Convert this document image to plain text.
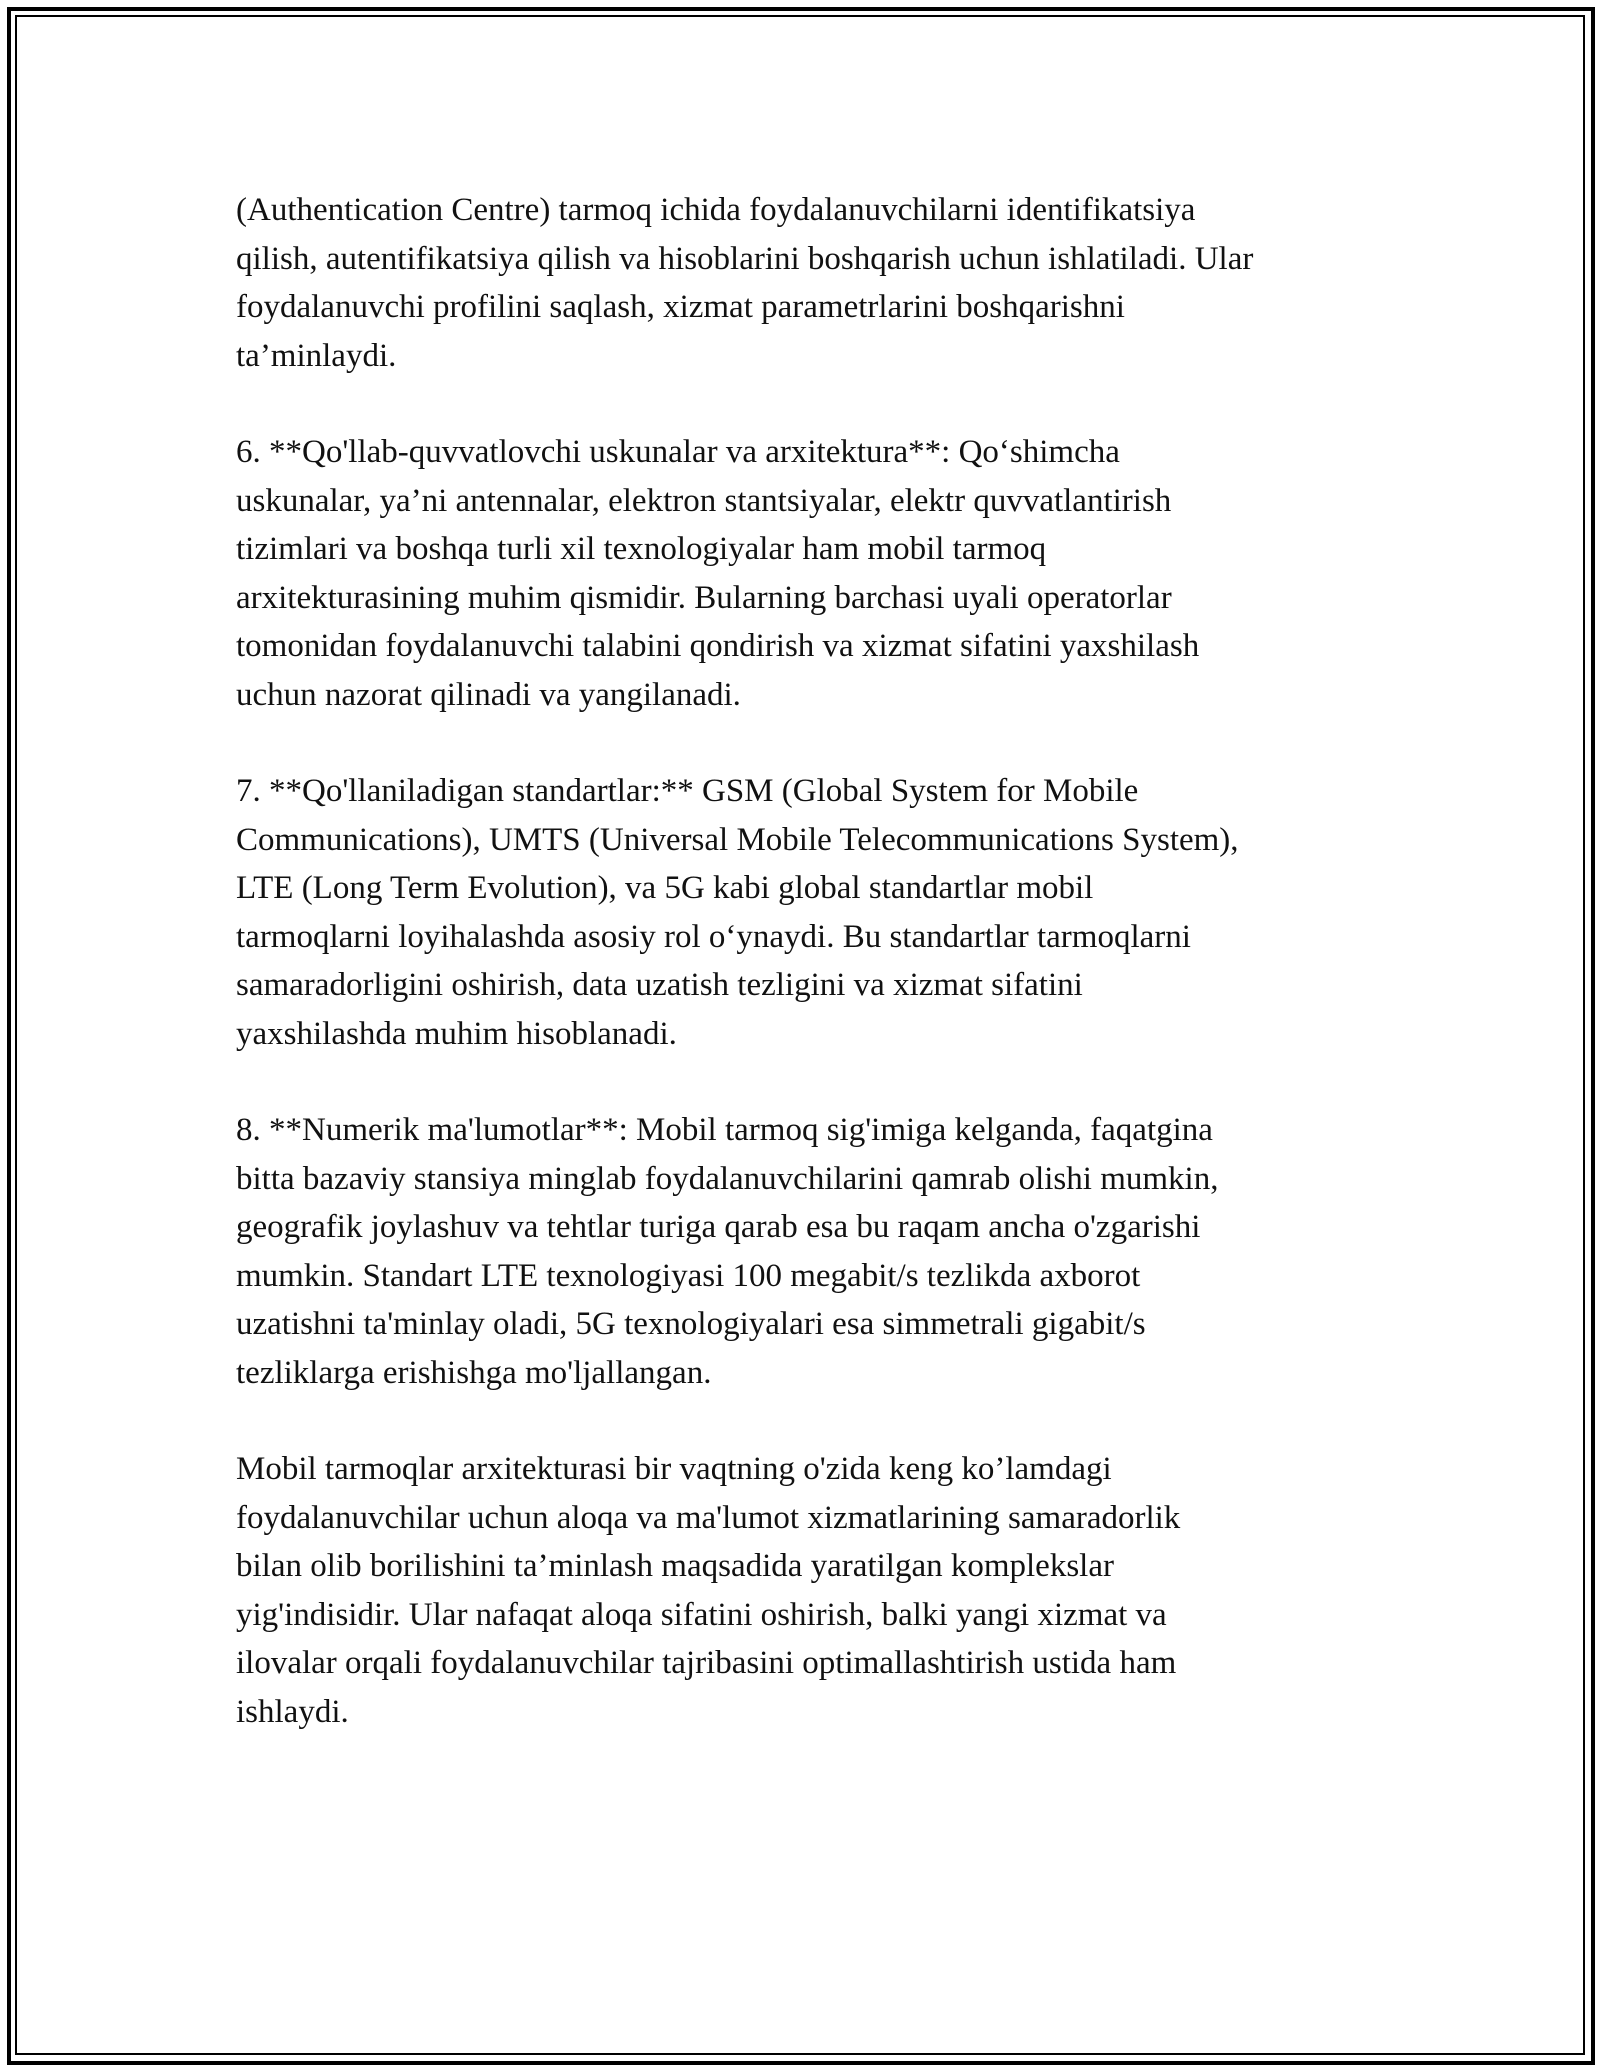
(Authentication Centre) tarmoq ichida foydalanuvchilarni identifikatsiya
qilish, autentifikatsiya qilish va hisoblarini boshqarish uchun ishlatiladi. Ular
foydalanuvchi profilini saqlash, xizmat parametrlarini boshqarishni
ta’minlaydi.

6. **Qo'llab-quvvatlovchi uskunalar va arxitektura**: Qo‘shimcha
uskunalar, ya’ni antennalar, elektron stantsiyalar, elektr quvvatlantirish
tizimlari va boshqa turli xil texnologiyalar ham mobil tarmoq
arxitekturasining muhim qismidir. Bularning barchasi uyali operatorlar
tomonidan foydalanuvchi talabini qondirish va xizmat sifatini yaxshilash
uchun nazorat qilinadi va yangilanadi.

7. **Qo'llaniladigan standartlar:** GSM (Global System for Mobile
Communications), UMTS (Universal Mobile Telecommunications System),
LTE (Long Term Evolution), va 5G kabi global standartlar mobil
tarmoqlarni loyihalashda asosiy rol o‘ynaydi. Bu standartlar tarmoqlarni
samaradorligini oshirish, data uzatish tezligini va xizmat sifatini
yaxshilashda muhim hisoblanadi.

8. **Numerik ma'lumotlar**: Mobil tarmoq sig'imiga kelganda, faqatgina
bitta bazaviy stansiya minglab foydalanuvchilarini qamrab olishi mumkin,
geografik joylashuv va tehtlar turiga qarab esa bu raqam ancha o'zgarishi
mumkin. Standart LTE texnologiyasi 100 megabit/s tezlikda axborot
uzatishni ta'minlay oladi, 5G texnologiyalari esa simmetrali gigabit/s
tezliklarga erishishga mo'ljallangan.

Mobil tarmoqlar arxitekturasi bir vaqtning o'zida keng ko’lamdagi
foydalanuvchilar uchun aloqa va ma'lumot xizmatlarining samaradorlik
bilan olib borilishini ta’minlash maqsadida yaratilgan komplekslar
yig'indisidir. Ular nafaqat aloqa sifatini oshirish, balki yangi xizmat va
ilovalar orqali foydalanuvchilar tajribasini optimallashtirish ustida ham
ishlaydi.
